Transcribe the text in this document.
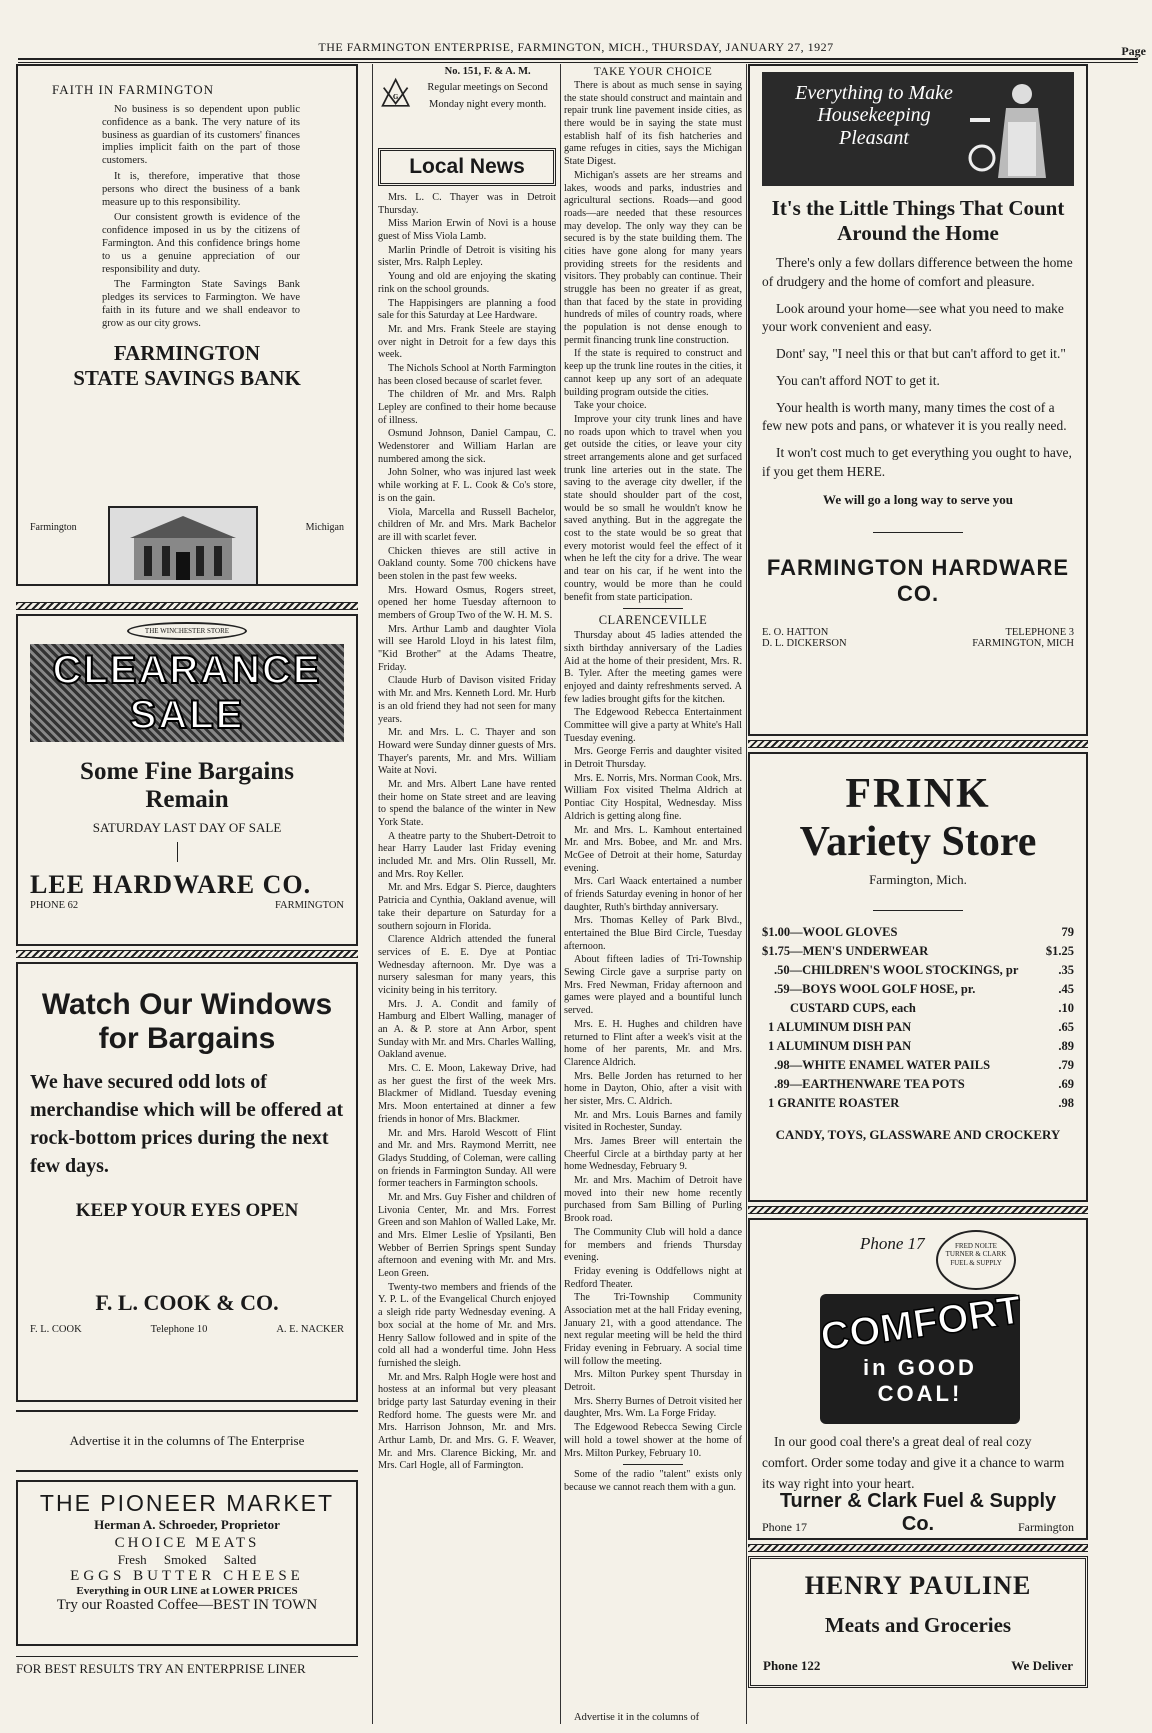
THE FARMINGTON ENTERPRISE, FARMINGTON, MICH., THURSDAY, JANUARY 27, 1927	Page
FAITH IN FARMINGTON

No business is so dependent upon public confidence as a bank. The very nature of its business as guardian of its customers' finances implies implicit faith on the part of those customers.

It is, therefore, imperative that those persons who direct the business of a bank measure up to this responsibility.

Our consistent growth is evidence of the confidence imposed in us by the citizens of Farmington. And this confidence brings home to us a genuine appreciation of our responsibility and duty.

The Farmington State Savings Bank pledges its services to Farmington. We have faith in its future and we shall endeavor to grow as our city grows.

FARMINGTON
STATE SAVINGS BANK
Farmington	Michigan
THE WINCHESTER STORE
CLEARANCE
SALE
Some Fine Bargains
Remain
SATURDAY LAST DAY OF SALE
LEE HARDWARE CO.
PHONE 62	FARMINGTON
Watch Our Windows
for Bargains
We have secured odd lots of merchandise which will be offered at rock-bottom prices during the next few days.
KEEP YOUR EYES OPEN
F. L. COOK & CO.
F. L. COOK	Telephone 10	A. E. NACKER
Advertise it in the columns of The Enterprise
THE PIONEER MARKET
Herman A. Schroeder, Proprietor
CHOICE MEATS
Fresh Smoked Salted
EGGS BUTTER CHEESE
Everything in OUR LINE at LOWER PRICES
Try our Roasted Coffee—BEST IN TOWN
FOR BEST RESULTS TRY AN ENTERPRISE LINER
G
No. 151, F. & A. M.
Regular meetings on Second Monday night every month.
Local News

Mrs. L. C. Thayer was in Detroit Thursday.

Miss Marion Erwin of Novi is a house guest of Miss Viola Lamb.

Marlin Prindle of Detroit is visiting his sister, Mrs. Ralph Lepley.

Young and old are enjoying the skating rink on the school grounds.

The Happisingers are planning a food sale for this Saturday at Lee Hardware.

Mr. and Mrs. Frank Steele are staying over night in Detroit for a few days this week.

The Nichols School at North Farmington has been closed because of scarlet fever.

The children of Mr. and Mrs. Ralph Lepley are confined to their home because of illness.

Osmund Johnson, Daniel Campau, C. Wedenstorer and William Harlan are numbered among the sick.

John Solner, who was injured last week while working at F. L. Cook & Co's store, is on the gain.

Viola, Marcella and Russell Bachelor, children of Mr. and Mrs. Mark Bachelor are ill with scarlet fever.

Chicken thieves are still active in Oakland county. Some 700 chickens have been stolen in the past few weeks.

Mrs. Howard Osmus, Rogers street, opened her home Tuesday afternoon to members of Group Two of the W. H. M. S.

Mrs. Arthur Lamb and daughter Viola will see Harold Lloyd in his latest film, "Kid Brother" at the Adams Theatre, Friday.

Claude Hurb of Davison visited Friday with Mr. and Mrs. Kenneth Lord. Mr. Hurb is an old friend they had not seen for many years.

Mr. and Mrs. L. C. Thayer and son Howard were Sunday dinner guests of Mrs. Thayer's parents, Mr. and Mrs. William Waite at Novi.

Mr. and Mrs. Albert Lane have rented their home on State street and are leaving to spend the balance of the winter in New York State.

A theatre party to the Shubert-Detroit to hear Harry Lauder last Friday evening included Mr. and Mrs. Olin Russell, Mr. and Mrs. Roy Keller.

Mr. and Mrs. Edgar S. Pierce, daughters Patricia and Cynthia, Oakland avenue, will take their departure on Saturday for a southern sojourn in Florida.

Clarence Aldrich attended the funeral services of E. E. Dye at Pontiac Wednesday afternoon. Mr. Dye was a nursery salesman for many years, this vicinity being in his territory.

Mrs. J. A. Condit and family of Hamburg and Elbert Walling, manager of an A. & P. store at Ann Arbor, spent Sunday with Mr. and Mrs. Charles Walling, Oakland avenue.

Mrs. C. E. Moon, Lakeway Drive, had as her guest the first of the week Mrs. Blackmer of Midland. Tuesday evening Mrs. Moon entertained at dinner a few friends in honor of Mrs. Blackmer.

Mr. and Mrs. Harold Wescott of Flint and Mr. and Mrs. Raymond Merritt, nee Gladys Studding, of Coleman, were calling on friends in Farmington Sunday. All were former teachers in Farmington schools.

Mr. and Mrs. Guy Fisher and children of Livonia Center, Mr. and Mrs. Forrest Green and son Mahlon of Walled Lake, Mr. and Mrs. Elmer Leslie of Ypsilanti, Ben Webber of Berrien Springs spent Sunday afternoon and evening with Mr. and Mrs. Leon Green.

Twenty-two members and friends of the Y. P. L. of the Evangelical Church enjoyed a sleigh ride party Wednesday evening. A box social at the home of Mr. and Mrs. Henry Sallow followed and in spite of the cold all had a wonderful time. John Hess furnished the sleigh.

Mr. and Mrs. Ralph Hogle were host and hostess at an informal but very pleasant bridge party last Saturday evening in their Redford home. The guests were Mr. and Mrs. Harrison Johnson, Mr. and Mrs. Arthur Lamb, Dr. and Mrs. G. F. Weaver, Mr. and Mrs. Clarence Bicking, Mr. and Mrs. Carl Hogle, all of Farmington.

TAKE YOUR CHOICE

There is about as much sense in saying the state should construct and maintain and repair trunk line pavement inside cities, as there would be in saying the state must establish half of its fish hatcheries and game refuges in cities, says the Michigan State Digest.

Michigan's assets are her streams and lakes, woods and parks, industries and agricultural sections. Roads—and good roads—are needed that these resources may develop. The only way they can be secured is by the state building them. The cities have gone along for many years providing streets for the residents and visitors. They probably can continue. Their struggle has been no greater if as great, than that faced by the state in providing hundreds of miles of country roads, where the population is not dense enough to permit financing trunk line construction.

If the state is required to construct and keep up the trunk line routes in the cities, it cannot keep up any sort of an adequate building program outside the cities.

Take your choice.

Improve your city trunk lines and have no roads upon which to travel when you get outside the cities, or leave your city street arrangements alone and get surfaced trunk line arteries out in the state. The saving to the average city dweller, if the state should shoulder part of the cost, would be so small he wouldn't know he saved anything. But in the aggregate the cost to the state would be so great that every motorist would feel the effect of it when he left the city for a drive. The wear and tear on his car, if he went into the country, would be more than he could benefit from state participation.

CLARENCEVILLE

Thursday about 45 ladies attended the sixth birthday anniversary of the Ladies Aid at the home of their president, Mrs. R. B. Tyler. After the meeting games were enjoyed and dainty refreshments served. A few ladies brought gifts for the kitchen.

The Edgewood Rebecca Entertainment Committee will give a party at White's Hall Tuesday evening.

Mrs. George Ferris and daughter visited in Detroit Thursday.

Mrs. E. Norris, Mrs. Norman Cook, Mrs. William Fox visited Thelma Aldrich at Pontiac City Hospital, Wednesday. Miss Aldrich is getting along fine.

Mr. and Mrs. L. Kamhout entertained Mr. and Mrs. Bobee, and Mr. and Mrs. McGee of Detroit at their home, Saturday evening.

Mrs. Carl Waack entertained a number of friends Saturday evening in honor of her daughter, Ruth's birthday anniversary.

Mrs. Thomas Kelley of Park Blvd., entertained the Blue Bird Circle, Tuesday afternoon.

About fifteen ladies of Tri-Township Sewing Circle gave a surprise party on Mrs. Fred Newman, Friday afternoon and games were played and a bountiful lunch served.

Mrs. E. H. Hughes and children have returned to Flint after a week's visit at the home of her parents, Mr. and Mrs. Clarence Aldrich.

Mrs. Belle Jorden has returned to her home in Dayton, Ohio, after a visit with her sister, Mrs. C. Aldrich.

Mr. and Mrs. Louis Barnes and family visited in Rochester, Sunday.

Mrs. James Breer will entertain the Cheerful Circle at a birthday party at her home Wednesday, February 9.

Mr. and Mrs. Machim of Detroit have moved into their new home recently purchased from Sam Billing of Purling Brook road.

The Community Club will hold a dance for members and friends Thursday evening.

Friday evening is Oddfellows night at Redford Theater.

The Tri-Township Community Association met at the hall Friday evening, January 21, with a good attendance. The next regular meeting will be held the third Friday evening in February. A social time will follow the meeting.

Mrs. Milton Purkey spent Thursday in Detroit.

Mrs. Sherry Burnes of Detroit visited her daughter, Mrs. Wm. La Forge Friday.

The Edgewood Rebecca Sewing Circle will hold a towel shower at the home of Mrs. Milton Purkey, February 10.

Some of the radio "talent" exists only because we cannot reach them with a gun.

Advertise it in the columns of
Everything to Make
Housekeeping
Pleasant
It's the Little Things That Count
Around the Home

There's only a few dollars difference between the home of drudgery and the home of comfort and pleasure.

Look around your home—see what you need to make your work convenient and easy.

Dont' say, "I neel this or that but can't afford to get it."

You can't afford NOT to get it.

Your health is worth many, many times the cost of a few new pots and pans, or whatever it is you really need.

It won't cost much to get everything you ought to have, if you get them HERE.

We will go a long way to serve you
FARMINGTON HARDWARE CO.
E. O. HATTON
D. L. DICKERSON
TELEPHONE 3
FARMINGTON, MICH
FRINK
Variety Store
Farmington, Mich.
$1.00—WOOL GLOVES	79
$1.75—MEN'S UNDERWEAR	$1.25
.50—CHILDREN'S WOOL STOCKINGS, pr	.35
.59—BOYS WOOL GOLF HOSE, pr.	.45
CUSTARD CUPS, each	.10
1 ALUMINUM DISH PAN	.65
1 ALUMINUM DISH PAN	.89
.98—WHITE ENAMEL WATER PAILS	.79
.89—EARTHENWARE TEA POTS	.69
1 GRANITE ROASTER	.98
CANDY, TOYS, GLASSWARE AND CROCKERY
Phone 17	FRED NOLTE TURNER & CLARK FUEL & SUPPLY
COMFORT
in GOOD
COAL!
In our good coal there's a great deal of real cozy comfort. Order some today and give it a chance to warm its way right into your heart.
Turner & Clark Fuel & Supply Co.
Phone 17	Farmington
HENRY PAULINE
Meats and Groceries
Phone 122	We Deliver
